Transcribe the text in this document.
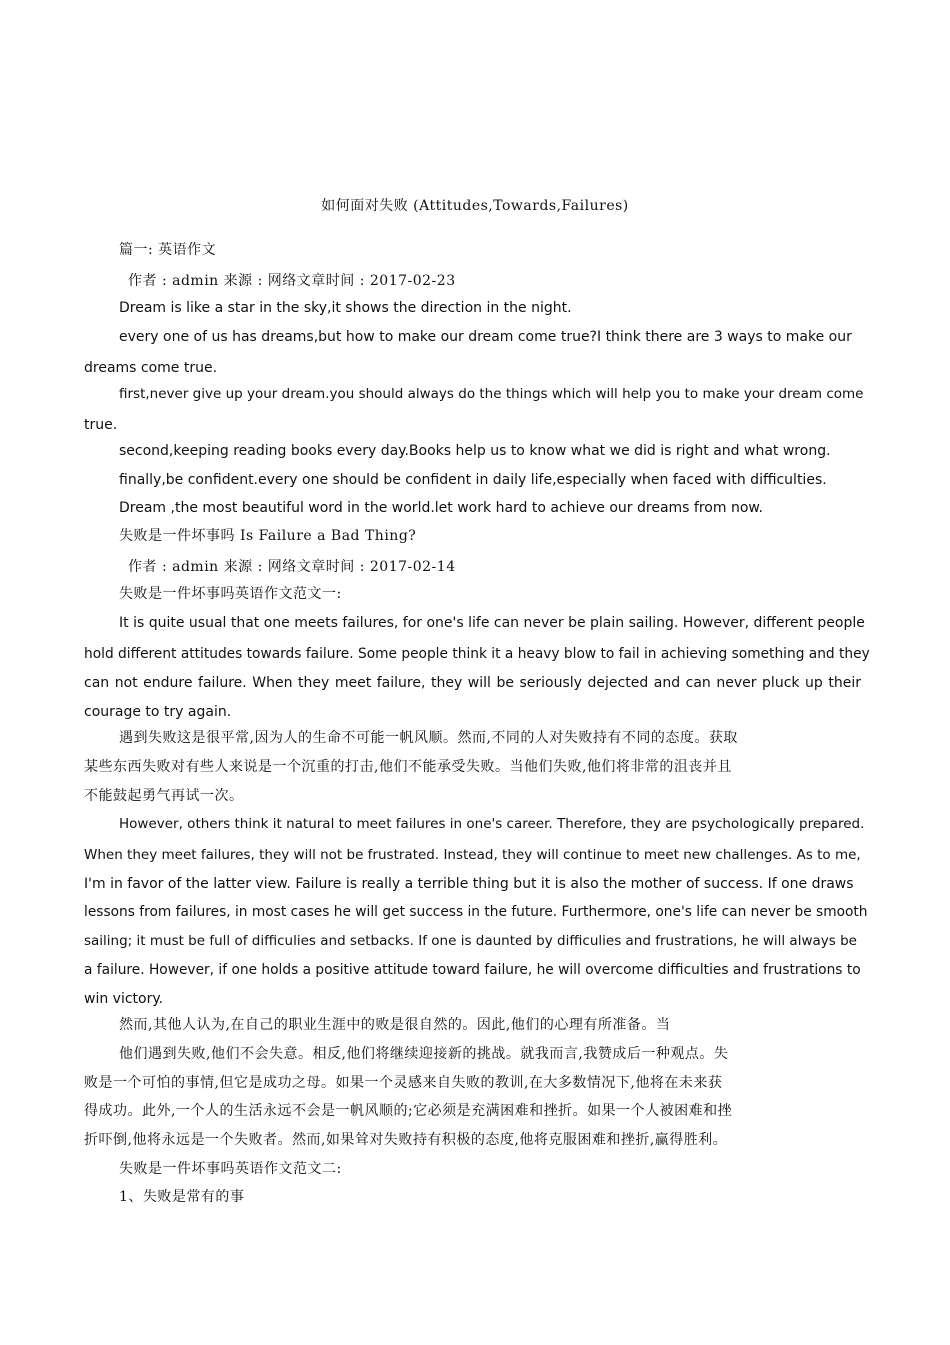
如何面对失败 (Attitudes,Towards,Failures)
篇一: 英语作文
作者 : admin 来源 : 网络文章时间 : 2017-02-23
Dream is like a star in the sky,it shows the direction in the night.
every one of us has dreams,but how to make our dream come true?I think there are 3 ways to make our
dreams come true.
first,never give up your dream.you should always do the things which will help you to make your dream come
true.
second,keeping reading books every day.Books help us to know what we did is right and what wrong.
finally,be confident.every one should be confident in daily life,especially when faced with difficulties.
Dream ,the most beautiful word in the world.let work hard to achieve our dreams from now.
失败是一件坏事吗 Is Failure a Bad Thing?
作者 : admin 来源 : 网络文章时间 : 2017-02-14
失败是一件坏事吗英语作文范文一:
It is quite usual that one meets failures, for one's life can never be plain sailing. However, different people
hold different attitudes towards failure. Some people think it a heavy blow to fail in achieving something and they
can not endure failure. When they meet failure, they will be seriously dejected and can never pluck up their
courage to try again.
遇到失败这是很平常,因为人的生命不可能一帆风顺。然而,不同的人对失败持有不同的态度。获取
某些东西失败对有些人来说是一个沉重的打击,他们不能承受失败。当他们失败,他们将非常的沮丧并且
不能鼓起勇气再试一次。
However, others think it natural to meet failures in one's career. Therefore, they are psychologically prepared.
When they meet failures, they will not be frustrated. Instead, they will continue to meet new challenges. As to me,
I'm in favor of the latter view. Failure is really a terrible thing but it is also the mother of success. If one draws
lessons from failures, in most cases he will get success in the future. Furthermore, one's life can never be smooth
sailing; it must be full of difficulies and setbacks. If one is daunted by difficulies and frustrations, he will always be
a failure. However, if one holds a positive attitude toward failure, he will overcome difficulties and frustrations to
win victory.
然而,其他人认为,在自己的职业生涯中的败是很自然的。因此,他们的心理有所准备。当
他们遇到失败,他们不会失意。相反,他们将继续迎接新的挑战。就我而言,我赞成后一种观点。失
败是一个可怕的事情,但它是成功之母。如果一个灵感来自失败的教训,在大多数情况下,他将在未来获
得成功。此外,一个人的生活永远不会是一帆风顺的;它必须是充满困难和挫折。如果一个人被困难和挫
折吓倒,他将永远是一个失败者。然而,如果耸对失败持有积极的态度,他将克服困难和挫折,赢得胜利。
失败是一件坏事吗英语作文范文二:
1、失败是常有的事
